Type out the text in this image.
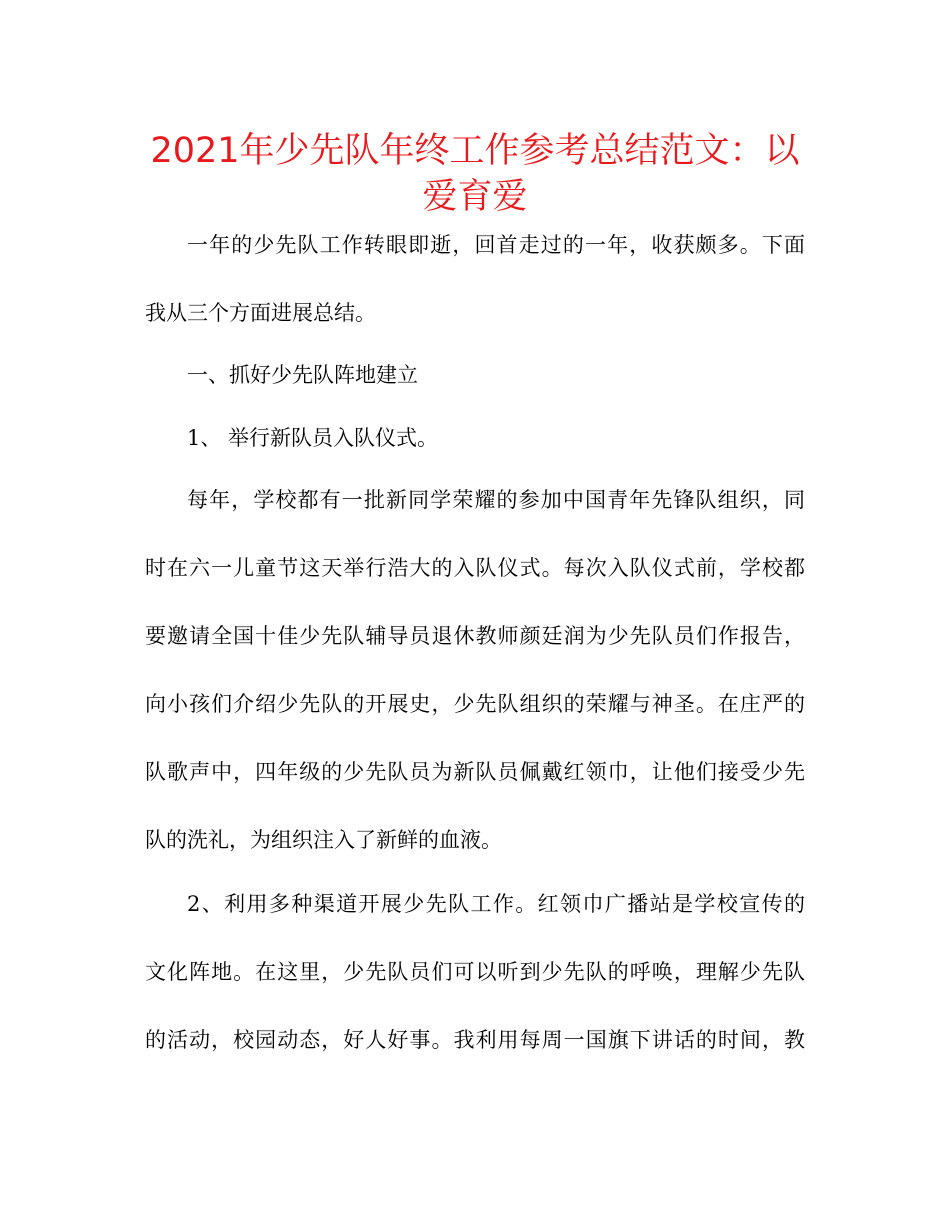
2021年少先队年终工作参考总结范文：以爱育爱

一年的少先队工作转眼即逝，回首走过的一年，收获颇多。下面

我从三个方面进展总结。

一、抓好少先队阵地建立

1、 举行新队员入队仪式。

每年，学校都有一批新同学荣耀的参加中国青年先锋队组织，同

时在六一儿童节这天举行浩大的入队仪式。每次入队仪式前，学校都

要邀请全国十佳少先队辅导员退休教师颜廷润为少先队员们作报告，

向小孩们介绍少先队的开展史，少先队组织的荣耀与神圣。在庄严的

队歌声中，四年级的少先队员为新队员佩戴红领巾，让他们接受少先

队的洗礼，为组织注入了新鲜的血液。

2、利用多种渠道开展少先队工作。红领巾广播站是学校宣传的

文化阵地。在这里，少先队员们可以听到少先队的呼唤，理解少先队

的活动，校园动态，好人好事。我利用每周一国旗下讲话的时间，教
